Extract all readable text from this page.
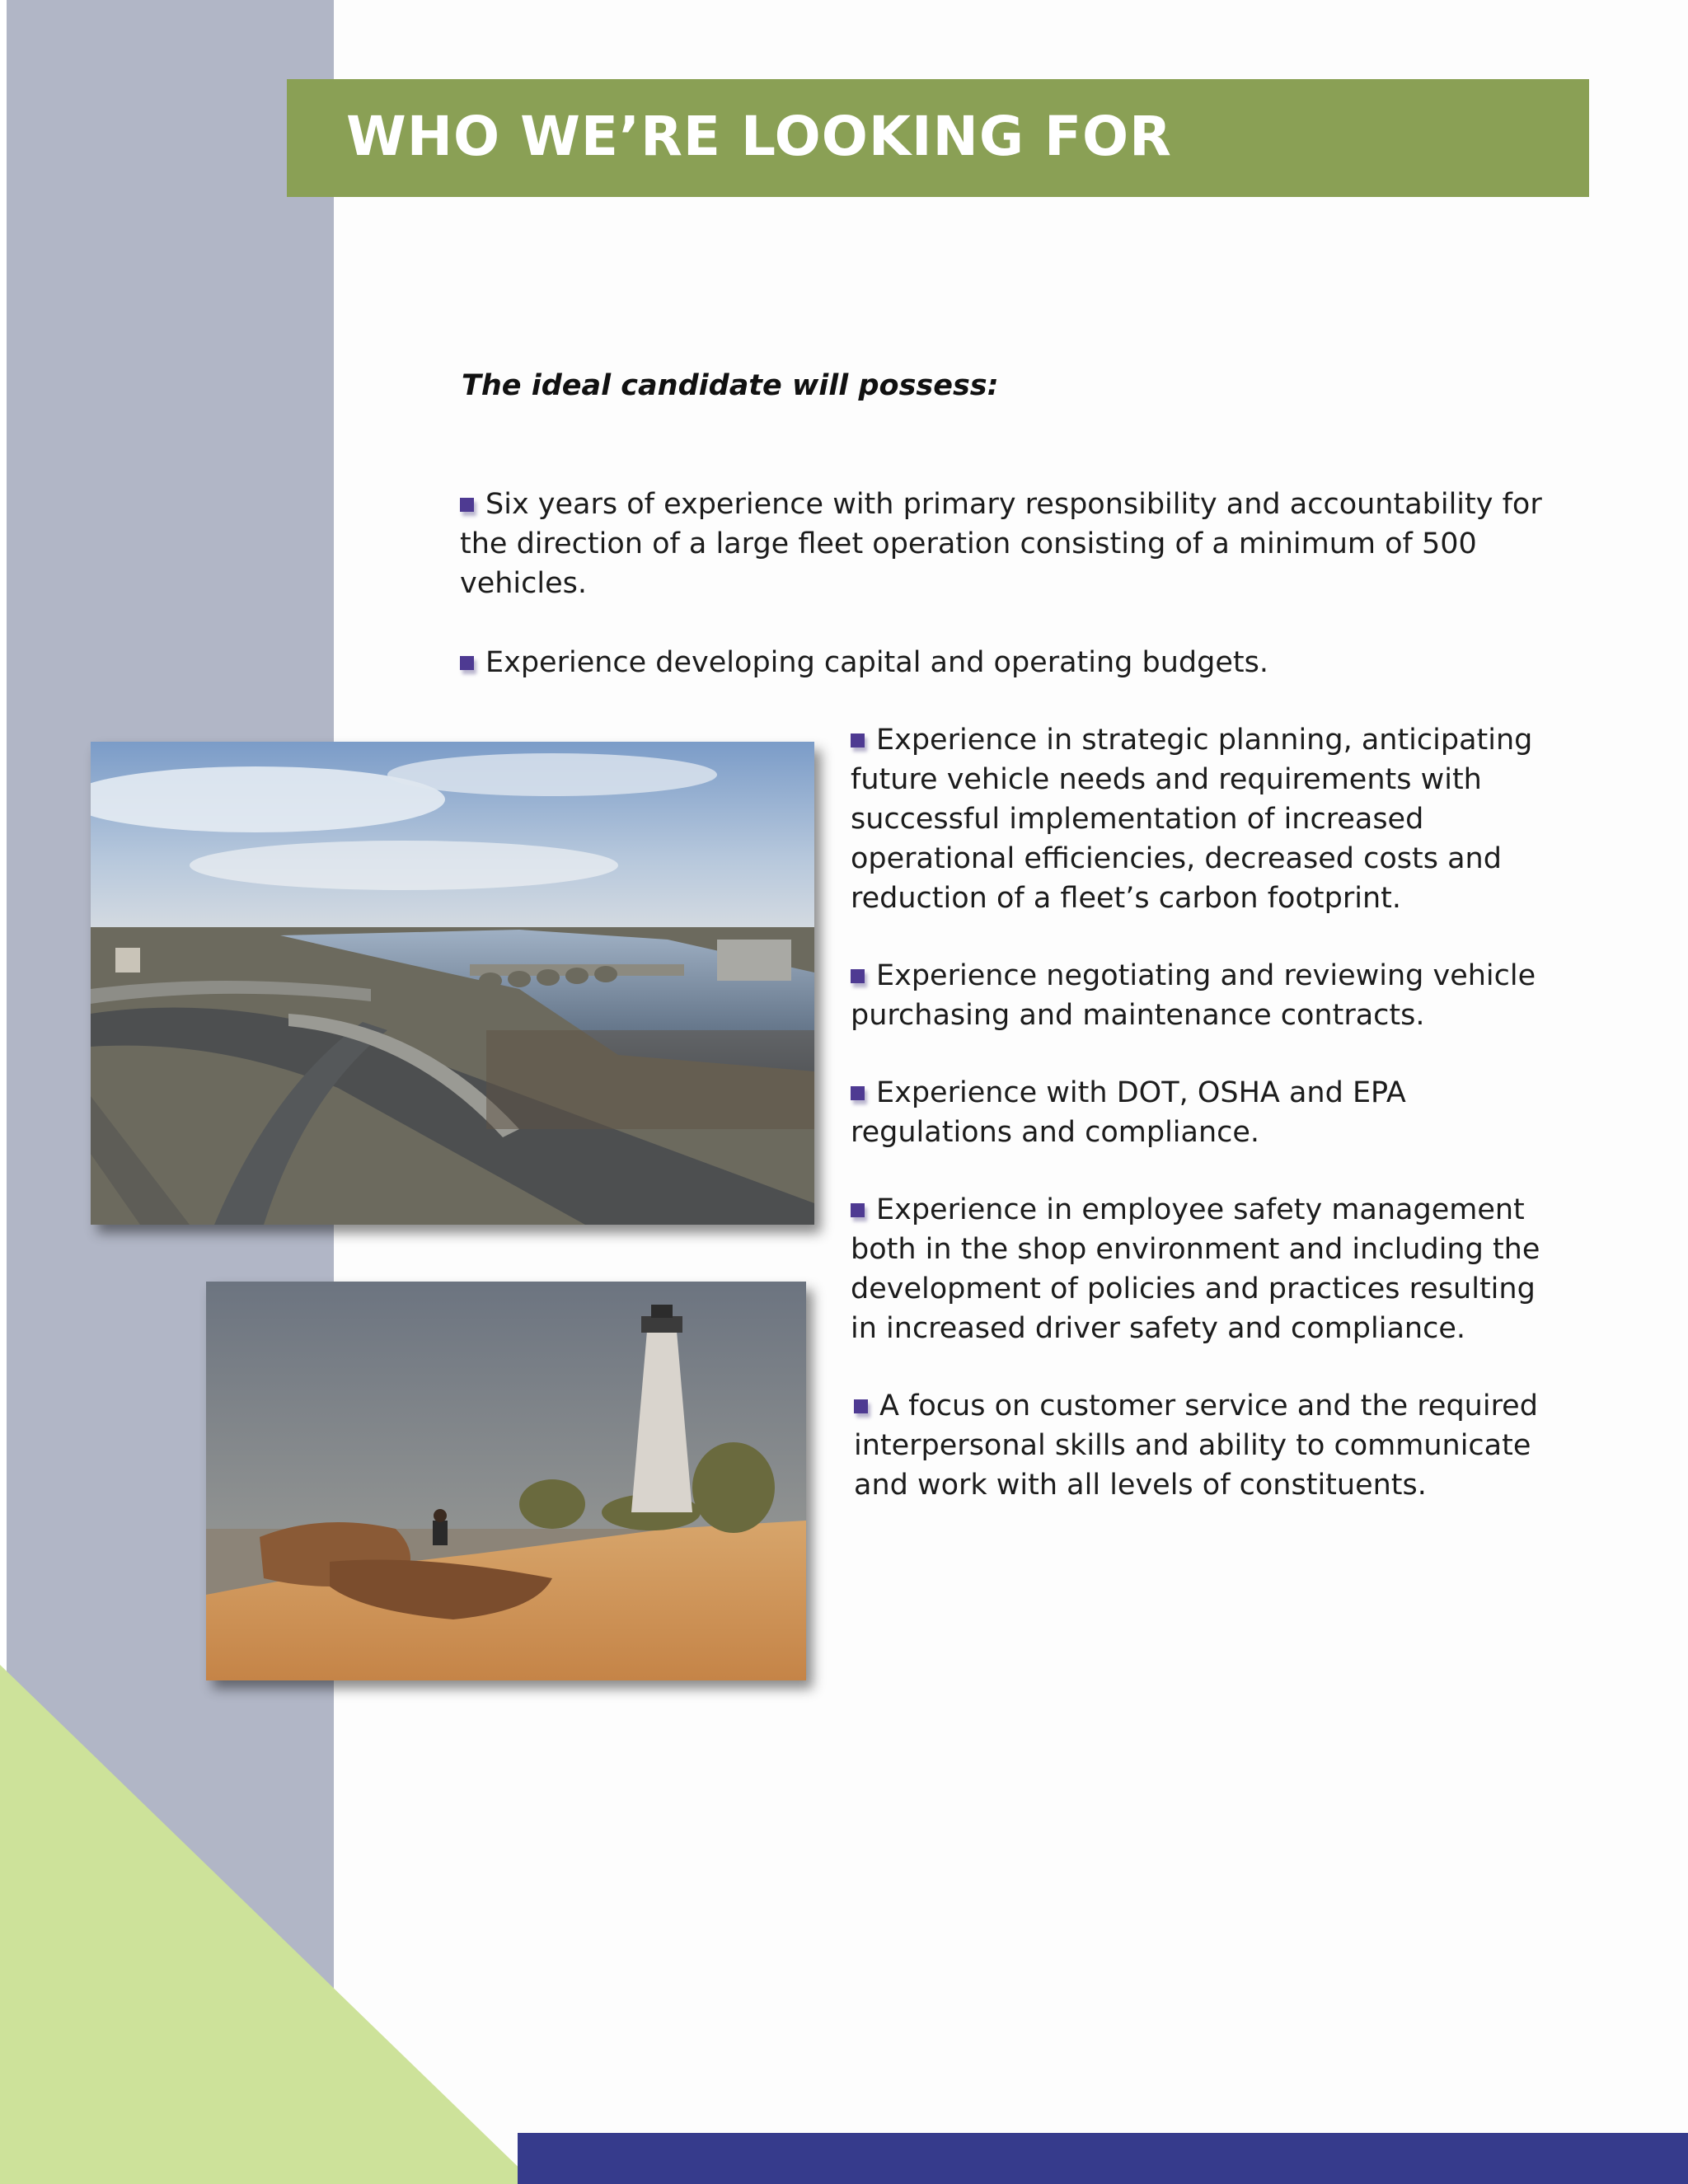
WHO WE’RE LOOKING FOR
The ideal candidate will possess:
Six years of experience with primary responsibility and accountability for the direction of a large fleet operation consisting of a minimum of 500 vehicles.
Experience developing capital and operating budgets.
Experience in strategic planning, anticipating future vehicle needs and requirements with successful implementation of increased operational efficiencies, decreased costs and reduction of a fleet’s carbon footprint.
Experience negotiating and reviewing vehicle purchasing and maintenance contracts.
Experience with DOT, OSHA and EPA regulations and compliance.
Experience in employee safety management both in the shop environment and including the development of policies and practices resulting in increased driver safety and compliance.
A focus on customer service and the required interpersonal skills and ability to communicate and work with all levels of constituents.
